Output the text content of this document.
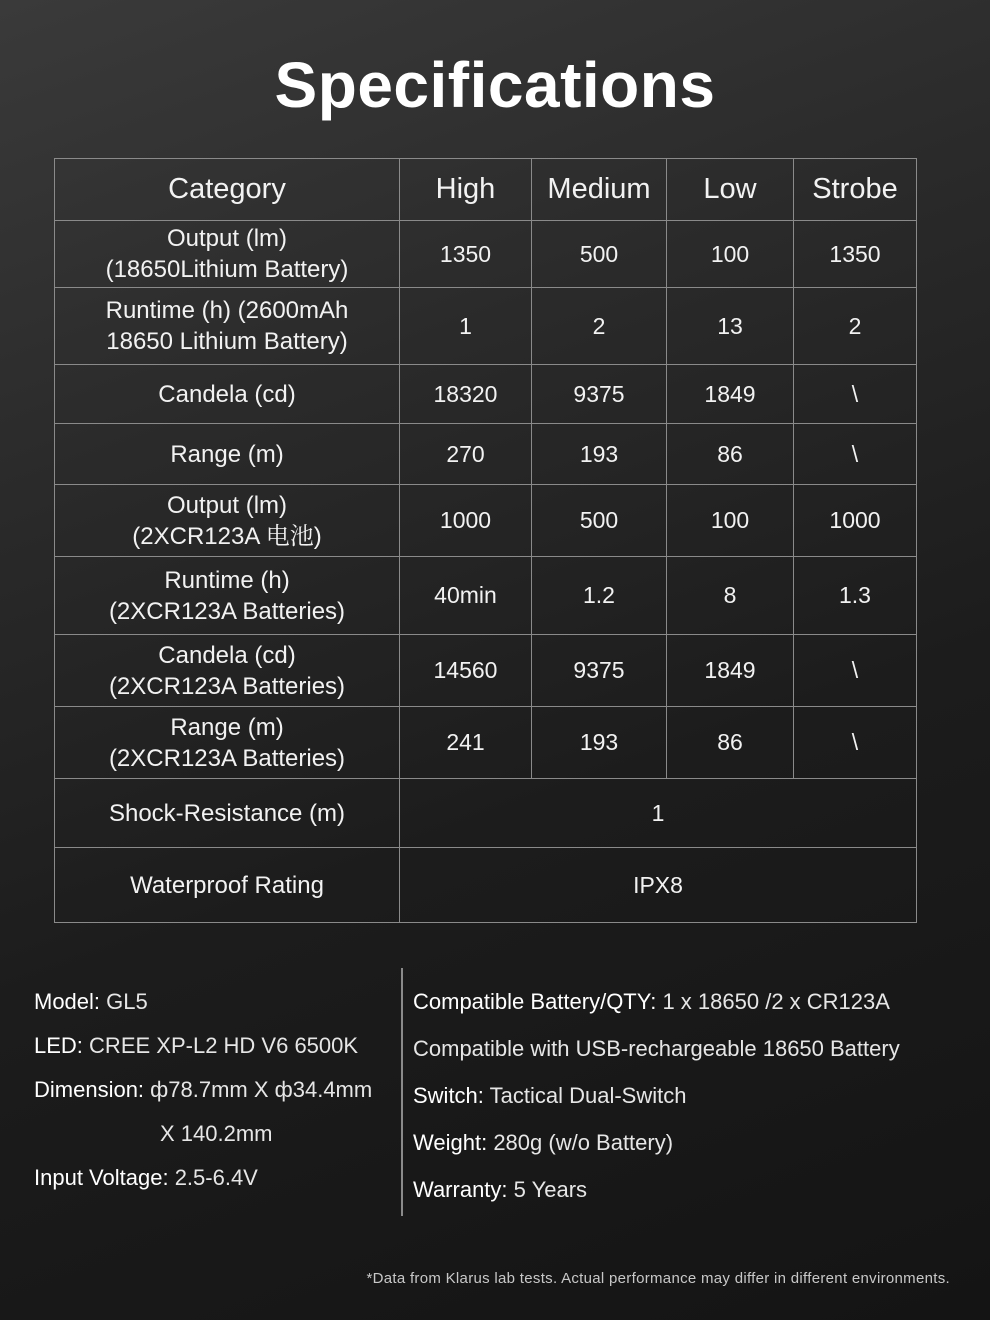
Specifications
Category	High	Medium	Low	Strobe

Output (lm)
(18650Lithium Battery)	1350	500	100	1350

Runtime (h) (2600mAh
18650 Lithium Battery)	1	2	13	2

Candela (cd)	18320	9375	1849	\

Range (m)	270	193	86	\

Output (lm)
(2XCR123A 电池)	1000	500	100	1000

Runtime (h)
(2XCR123A Batteries)	40min	1.2	8	1.3

Candela (cd)
(2XCR123A Batteries)	14560	9375	1849	\

Range (m)
(2XCR123A Batteries)	241	193	86	\
Shock-Resistance (m)	1			
Waterproof Rating	IPX8			
Model: GL5
LED: CREE XP-L2 HD V6 6500K
Dimension: ф78.7mm X ф34.4mm
X 140.2mm
Input Voltage: 2.5-6.4V
Compatible Battery/QTY: 1 x 18650 /2 x CR123A
Compatible with USB-rechargeable 18650 Battery
Switch: Tactical Dual-Switch
Weight: 280g (w/o Battery)
Warranty: 5 Years
*Data from Klarus lab tests. Actual performance may differ in different environments.
